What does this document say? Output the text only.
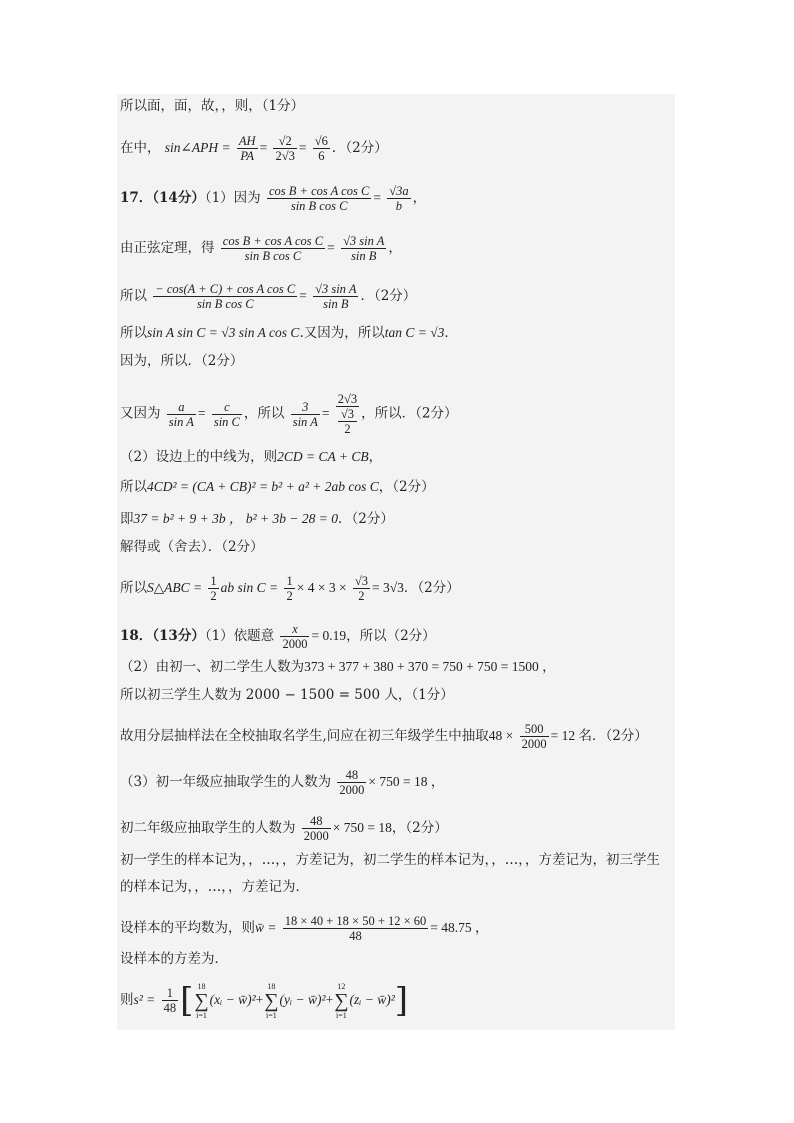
所以面，面，故，，则，（1分）
在中， sin∠APH = $\frac{AH}{PA} = \frac{√2}{2√3} = \frac{√6}{6}$ ．（2分）
17．（14分）（1）因为 $\frac{\text{cos B + cos A cos C}}{\text{sin B cos C}} = \frac{√3a}{b}$ ，
由正弦定理，得 $\frac{\text{cos B + cos A cos C}}{\text{sin B cos C}} = \frac{\text{√3 sin A}}{\text{sin B}}$ ，
所以 $\frac{\text{− cos(A + C) + cos A cos C}}{\text{sin B cos C}} = \frac{\text{√3 sin A}}{\text{sin B}}$ ．（2分）
所以sin A sin C = √3 sin A cos C.又因为，所以tan C = √3．
因为，所以．（2分）
又因为 $\frac{a}{\text{sin A}} = \frac{c}{\text{sin C}}$ ，所以 $\frac{3}{\text{sin A}} = 2√3$
√3
2 ，所以．（2分）
（2）设边上的中线为，则2CD = CA + CB，
所以4CD² = (CA + CB)² = b² + a² + 2ab cos C，（2分）
即37 = b² + 9 + 3b ， b² + 3b − 28 = 0．（2分）
解得或（舍去）．（2分）
所以S△ABC = $\frac{1}{2}$ ab $\sin C = \frac{1}{2} \times 4 \times 3 \times \frac{√3}{2} = 3√3$．（2分）
18．（13分）（1）依题意 $\frac{x}{2000} = 0.19$，所以（2分）
（2）由初一、初二学生人数为373 + 377 + 380 + 370 = 750 + 750 = 1500 ，
所以初三学生人数为 2000 − 1500 = 500 人，（1分）
故用分层抽样法在全校抽取名学生,问应在初三年级学生中抽取$48 \times \frac{500}{2000} = 12$ 名．（2分）
（3）初一年级应抽取学生的人数为 $\frac{48}{2000} \times 750 = 18$ ，
初二年级应抽取学生的人数为 $\frac{48}{2000} \times 750 = 18$，（2分）
初一学生的样本记为，，…，，方差记为，初二学生的样本记为，，…，，方差记为，初三学生
的样本记为，，…，，方差记为．
设样本的平均数为，则w̄ = $\frac{18 \times 40 + 18 \times 50 + 12 \times 60}{48} = 48.75$ ，
设样本的方差为．
则$s^2 = \frac{1}{48}$ [ 18
∑
i=1
(xᵢ − w̄)²+
18
∑
i=1
(yᵢ − w̄)²+
12
∑
i=1
(zᵢ − w̄)²]
